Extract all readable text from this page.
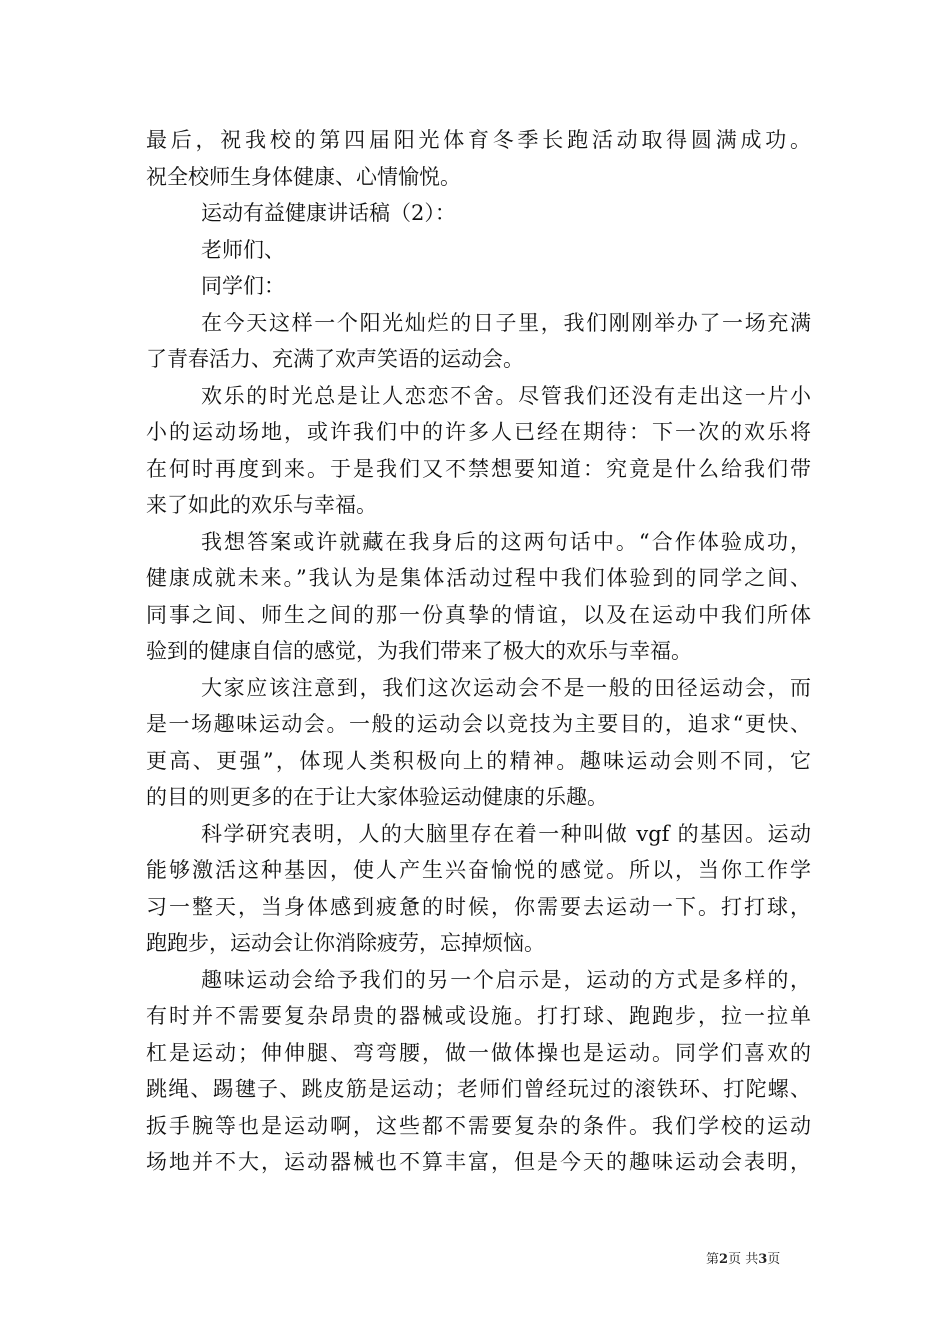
最后，祝我校的第四届阳光体育冬季长跑活动取得圆满成功。
祝全校师生身体健康、心情愉悦。
运动有益健康讲话稿（2）：
老师们、
同学们：
在今天这样一个阳光灿烂的日子里，我们刚刚举办了一场充满
了青春活力、充满了欢声笑语的运动会。
欢乐的时光总是让人恋恋不舍。尽管我们还没有走出这一片小
小的运动场地，或许我们中的许多人已经在期待：下一次的欢乐将
在何时再度到来。于是我们又不禁想要知道：究竟是什么给我们带
来了如此的欢乐与幸福。
我想答案或许就藏在我身后的这两句话中。“合作体验成功，
健康成就未来。”我认为是集体活动过程中我们体验到的同学之间、
同事之间、师生之间的那一份真挚的情谊，以及在运动中我们所体
验到的健康自信的感觉，为我们带来了极大的欢乐与幸福。
大家应该注意到，我们这次运动会不是一般的田径运动会，而
是一场趣味运动会。一般的运动会以竞技为主要目的，追求“更快、
更高、更强”，体现人类积极向上的精神。趣味运动会则不同，它
的目的则更多的在于让大家体验运动健康的乐趣。
科学研究表明，人的大脑里存在着一种叫做 vgf 的基因。运动
能够激活这种基因，使人产生兴奋愉悦的感觉。所以，当你工作学
习一整天，当身体感到疲惫的时候，你需要去运动一下。打打球，
跑跑步，运动会让你消除疲劳，忘掉烦恼。
趣味运动会给予我们的另一个启示是，运动的方式是多样的，
有时并不需要复杂昂贵的器械或设施。打打球、跑跑步，拉一拉单
杠是运动；伸伸腿、弯弯腰，做一做体操也是运动。同学们喜欢的
跳绳、踢毽子、跳皮筋是运动；老师们曾经玩过的滚铁环、打陀螺、
扳手腕等也是运动啊，这些都不需要复杂的条件。我们学校的运动
场地并不大，运动器械也不算丰富，但是今天的趣味运动会表明，
第2页 共3页
